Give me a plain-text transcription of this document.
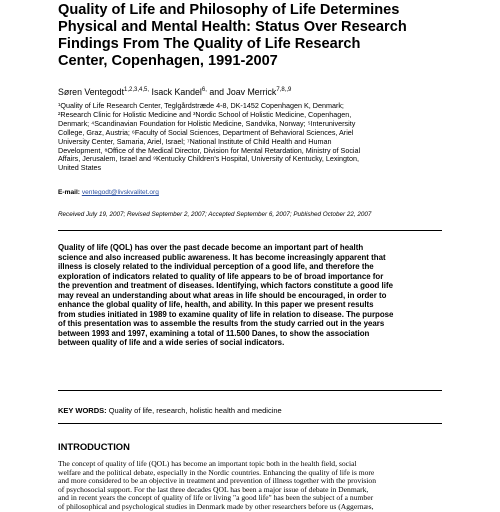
Quality of Life and Philosophy of Life Determines
Physical and Mental Health: Status Over Research
Findings From The Quality of Life Research
Center, Copenhagen, 1991-2007
Søren Ventegodt$^{1,2,3,4,5,}$ Isack Kandel$^{6,}$ and Joav Merrick$^{7,8,,9}$
¹Quality of Life Research Center, Teglgårdstræde 4-8, DK-1452 Copenhagen K, Denmark;
²Research Clinic for Holistic Medicine and ³Nordic School of Holistic Medicine, Copenhagen,
Denmark; ⁴Scandinavian Foundation for Holistic Medicine, Sandvika, Norway; ⁵Interuniversity
College, Graz, Austria; ⁶Faculty of Social Sciences, Department of Behavioral Sciences, Ariel
University Center, Samaria, Ariel, Israel; ⁷National Institute of Child Health and Human
Development, ⁸Office of the Medical Director, Division for Mental Retardation, Ministry of Social
Affairs, Jerusalem, Israel and ⁹Kentucky Children's Hospital, University of Kentucky, Lexington,
United States
E-mail: ventegodt@livskvalitet.org
Received July 19, 2007; Revised September 2, 2007; Accepted September 6, 2007; Published October 22, 2007
Quality of life (QOL) has over the past decade become an important part of health
science and also increased public awareness. It has become increasingly apparent that
illness is closely related to the individual perception of a good life, and therefore the
exploration of indicators related to quality of life appears to be of broad importance for
the prevention and treatment of diseases. Identifying, which factors constitute a good life
may reveal an understanding about what areas in life should be encouraged, in order to
enhance the global quality of life, health, and ability. In this paper we present results
from studies initiated in 1989 to examine quality of life in relation to disease. The purpose
of this presentation was to assemble the results from the study carried out in the years
between 1993 and 1997, examining a total of 11.500 Danes, to show the association
between quality of life and a wide series of social indicators.
KEY WORDS: Quality of life, research, holistic health and medicine
INTRODUCTION
The concept of quality of life (QOL) has become an important topic both in the health field, social
welfare and the political debate, especially in the Nordic countries. Enhancing the quality of life is more
and more considered to be an objective in treatment and prevention of illness together with the provision
of psychosocial support. For the last three decades QOL has been a major issue of debate in Denmark,
and in recent years the concept of quality of life or living "a good life" has been the subject of a number
of philosophical and psychological studies in Denmark made by other researchers before us (Aggernæs,
